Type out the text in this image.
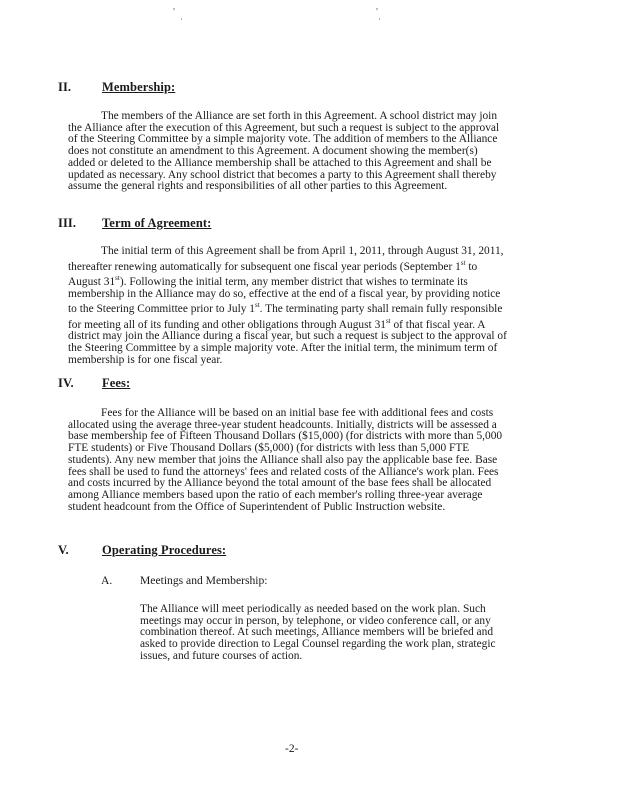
'	'
·	·
II. Membership:

The members of the Alliance are set forth in this Agreement. A school district may join

the Alliance after the execution of this Agreement, but such a request is subject to the approval

of the Steering Committee by a simple majority vote. The addition of members to the Alliance

does not constitute an amendment to this Agreement. A document showing the member(s)

added or deleted to the Alliance membership shall be attached to this Agreement and shall be

updated as necessary. Any school district that becomes a party to this Agreement shall thereby

assume the general rights and responsibilities of all other parties to this Agreement.

III. Term of Agreement:

The initial term of this Agreement shall be from April 1, 2011, through August 31, 2011,

thereafter renewing automatically for subsequent one fiscal year periods (September 1st to

August 31st). Following the initial term, any member district that wishes to terminate its

membership in the Alliance may do so, effective at the end of a fiscal year, by providing notice

to the Steering Committee prior to July 1st. The terminating party shall remain fully responsible

for meeting all of its funding and other obligations through August 31st of that fiscal year. A

district may join the Alliance during a fiscal year, but such a request is subject to the approval of

the Steering Committee by a simple majority vote. After the initial term, the minimum term of

membership is for one fiscal year.

IV. Fees:

Fees for the Alliance will be based on an initial base fee with additional fees and costs

allocated using the average three-year student headcounts. Initially, districts will be assessed a

base membership fee of Fifteen Thousand Dollars ($15,000) (for districts with more than 5,000

FTE students) or Five Thousand Dollars ($5,000) (for districts with less than 5,000 FTE

students). Any new member that joins the Alliance shall also pay the applicable base fee. Base

fees shall be used to fund the attorneys' fees and related costs of the Alliance's work plan. Fees

and costs incurred by the Alliance beyond the total amount of the base fees shall be allocated

among Alliance members based upon the ratio of each member's rolling three-year average

student headcount from the Office of Superintendent of Public Instruction website.

V.	Operating Procedures:
A. Meetings and Membership:

The Alliance will meet periodically as needed based on the work plan. Such

meetings may occur in person, by telephone, or video conference call, or any

combination thereof. At such meetings, Alliance members will be briefed and

asked to provide direction to Legal Counsel regarding the work plan, strategic

issues, and future courses of action.

-2-
